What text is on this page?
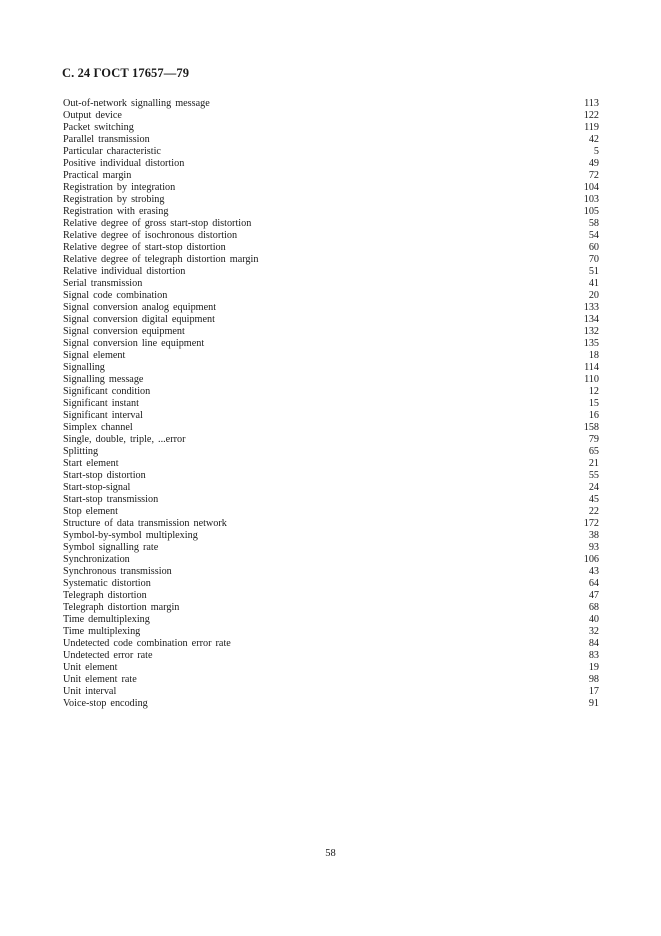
С. 24 ГОСТ 17657—79
Out-of-network signalling message	113
Output device	122
Packet switching	119
Parallel transmission	42
Particular characteristic	5
Positive individual distortion	49
Practical margin	72
Registration by integration	104
Registration by strobing	103
Registration with erasing	105
Relative degree of gross start-stop distortion	58
Relative degree of isochronous distortion	54
Relative degree of start-stop distortion	60
Relative degree of telegraph distortion margin	70
Relative individual distortion	51
Serial transmission	41
Signal code combination	20
Signal conversion analog equipment	133
Signal conversion digital equipment	134
Signal conversion equipment	132
Signal conversion line equipment	135
Signal element	18
Signalling	114
Signalling message	110
Significant condition	12
Significant instant	15
Significant interval	16
Simplex channel	158
Single, double, triple, ...error	79
Splitting	65
Start element	21
Start-stop distortion	55
Start-stop-signal	24
Start-stop transmission	45
Stop element	22
Structure of data transmission network	172
Symbol-by-symbol multiplexing	38
Symbol signalling rate	93
Synchronization	106
Synchronous transmission	43
Systematic distortion	64
Telegraph distortion	47
Telegraph distortion margin	68
Time demultiplexing	40
Time multiplexing	32
Undetected code combination error rate	84
Undetected error rate	83
Unit element	19
Unit element rate	98
Unit interval	17
Voice-stop encoding	91
58
